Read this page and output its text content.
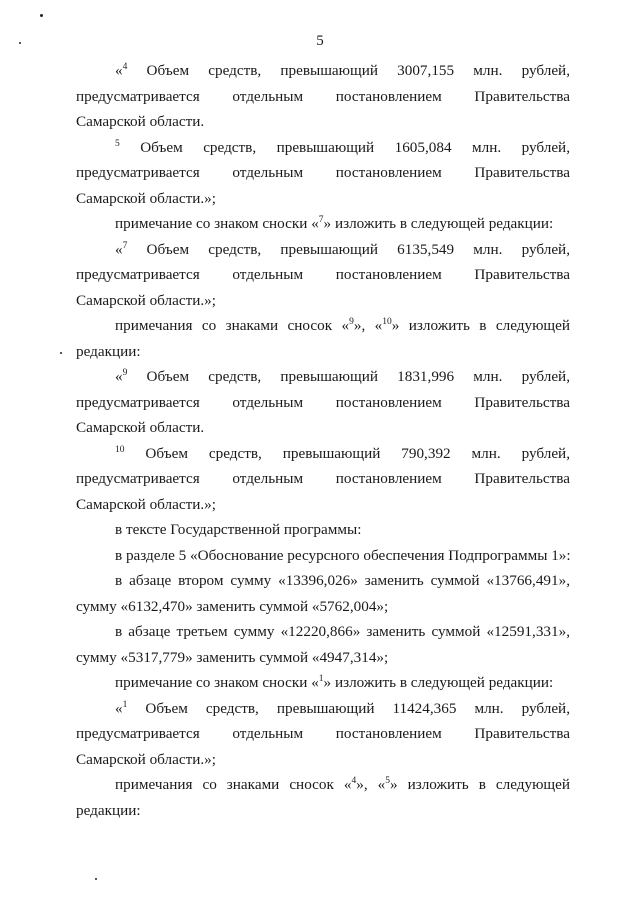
5
«$^4$ Объем средств, превышающий 3007,155 млн. рублей,
предусматривается отдельным постановлением Правительства
Самарской области.
$^5$ Объем средств, превышающий 1605,084 млн. рублей,
предусматривается отдельным постановлением Правительства
Самарской области.»;
примечание со знаком сноски «$^7$» изложить в следующей редакции:
«$^7$ Объем средств, превышающий 6135,549 млн. рублей,
предусматривается отдельным постановлением Правительства
Самарской области.»;
примечания со знаками сносок «$^9$», «$^{10}$» изложить в следующей
редакции:
«$^9$ Объем средств, превышающий 1831,996 млн. рублей,
предусматривается отдельным постановлением Правительства
Самарской области.
$^{10}$ Объем средств, превышающий 790,392 млн. рублей,
предусматривается отдельным постановлением Правительства
Самарской области.»;
в тексте Государственной программы:
в разделе 5 «Обоснование ресурсного обеспечения Подпрограммы 1»:
в абзаце втором сумму «13396,026» заменить суммой «13766,491»,
сумму «6132,470» заменить суммой «5762,004»;
в абзаце третьем сумму «12220,866» заменить суммой «12591,331»,
сумму «5317,779» заменить суммой «4947,314»;
примечание со знаком сноски «$^1$» изложить в следующей редакции:
«$^1$ Объем средств, превышающий 11424,365 млн. рублей,
предусматривается отдельным постановлением Правительства
Самарской области.»;
примечания со знаками сносок «$^4$», «$^5$» изложить в следующей
редакции:
